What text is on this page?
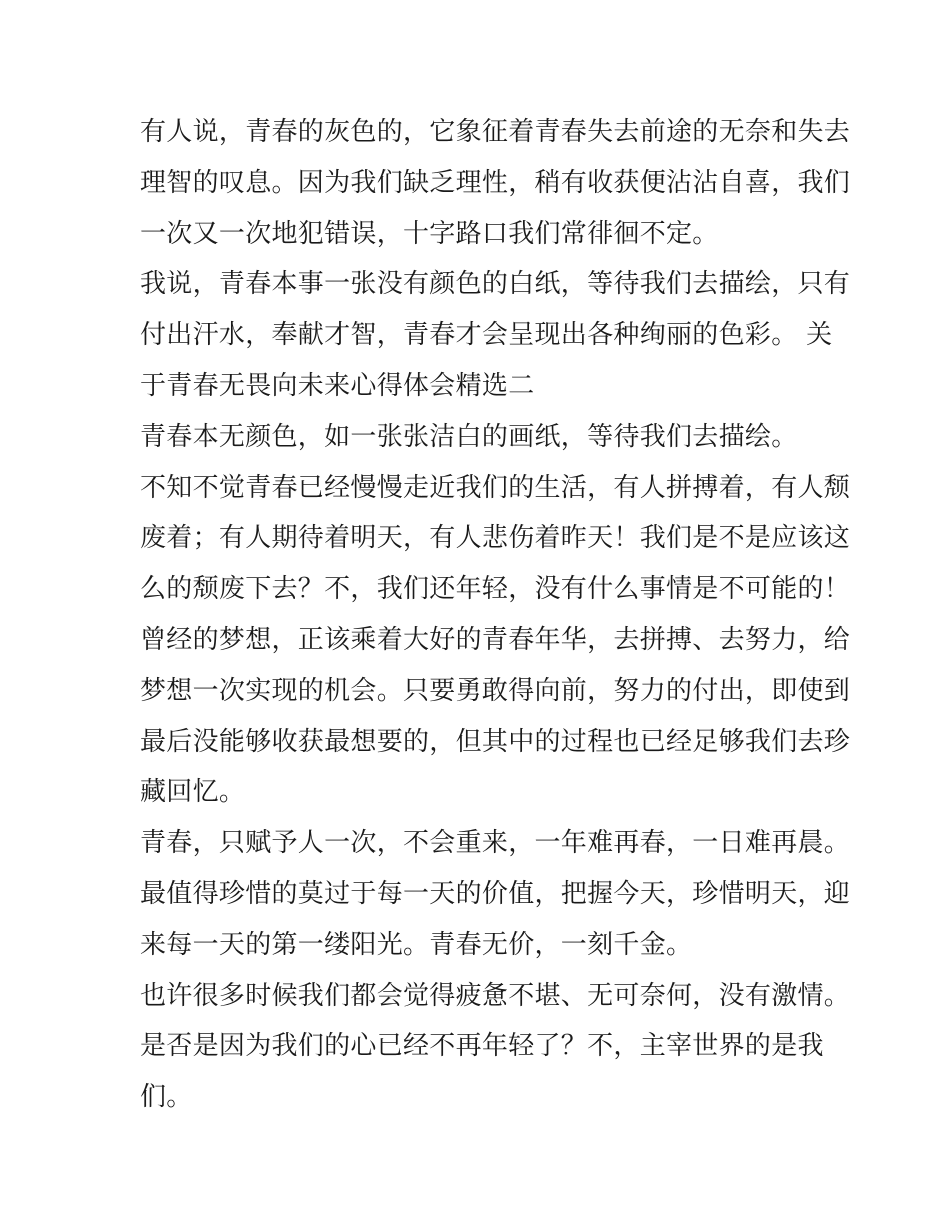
有人说，青春的灰色的，它象征着青春失去前途的无奈和失去
理智的叹息。因为我们缺乏理性，稍有收获便沾沾自喜，我们
一次又一次地犯错误，十字路口我们常徘徊不定。
我说，青春本事一张没有颜色的白纸，等待我们去描绘，只有
付出汗水，奉献才智，青春才会呈现出各种绚丽的色彩。 关
于青春无畏向未来心得体会精选二
青春本无颜色，如一张张洁白的画纸，等待我们去描绘。
不知不觉青春已经慢慢走近我们的生活，有人拼搏着，有人颓
废着；有人期待着明天，有人悲伤着昨天！我们是不是应该这
么的颓废下去？不，我们还年轻，没有什么事情是不可能的！
曾经的梦想，正该乘着大好的青春年华，去拼搏、去努力，给
梦想一次实现的机会。只要勇敢得向前，努力的付出，即使到
最后没能够收获最想要的，但其中的过程也已经足够我们去珍
藏回忆。
青春，只赋予人一次，不会重来，一年难再春，一日难再晨。
最值得珍惜的莫过于每一天的价值，把握今天，珍惜明天，迎
来每一天的第一缕阳光。青春无价，一刻千金。
也许很多时候我们都会觉得疲惫不堪、无可奈何，没有激情。
是否是因为我们的心已经不再年轻了？不，主宰世界的是我
们。
